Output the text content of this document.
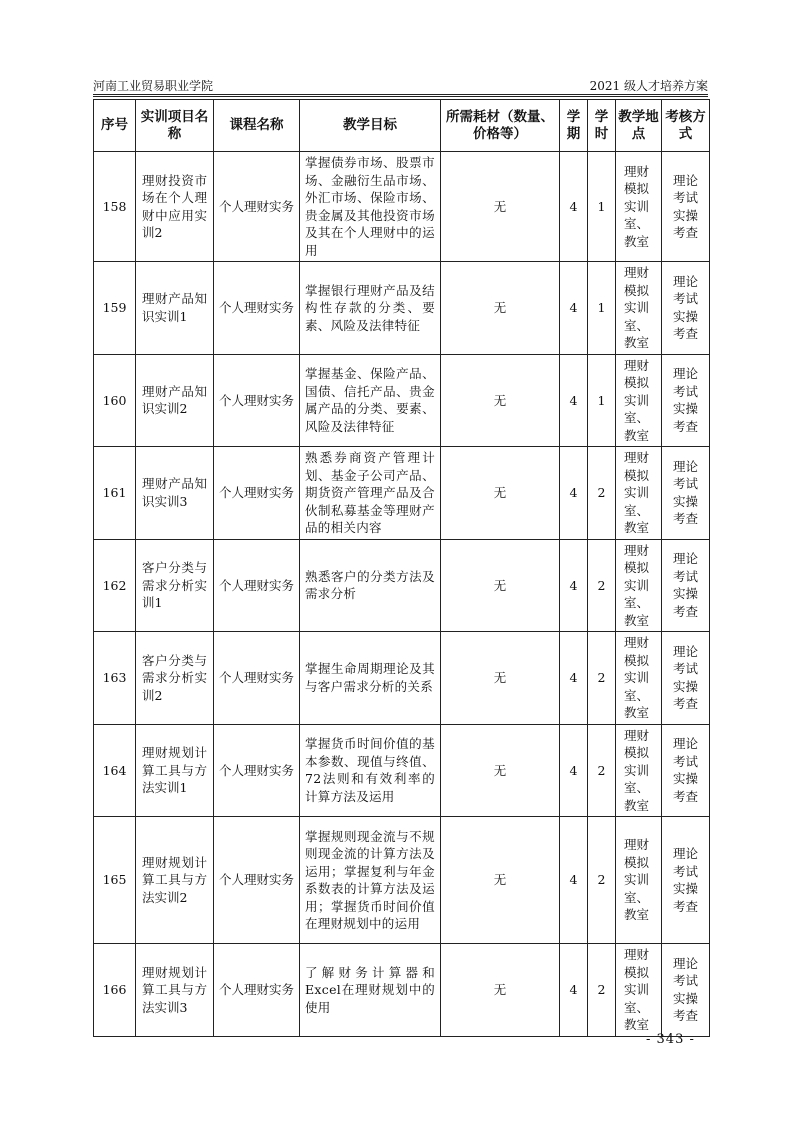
河南工业贸易职业学院	2021 级人才培养方案
序号	实训项目名称	课程名称	教学目标	所需耗材（数量、价格等）	学期	学时	教学地点	考核方式
158	理财投资市场在个人理财中应用实训2	个人理财实务	掌握债券市场、股票市场、金融衍生品市场、外汇市场、保险市场、贵金属及其他投资市场及其在个人理财中的运用	无	4	1	理财模拟实训室、教室	理论考试实操考查
159	理财产品知识实训1	个人理财实务	掌握银行理财产品及结构性存款的分类、要素、风险及法律特征	无	4	1	理财模拟实训室、教室	理论考试实操考查
160	理财产品知识实训2	个人理财实务	掌握基金、保险产品、国债、信托产品、贵金属产品的分类、要素、风险及法律特征	无	4	1	理财模拟实训室、教室	理论考试实操考查
161	理财产品知识实训3	个人理财实务	熟悉券商资产管理计划、基金子公司产品、期货资产管理产品及合伙制私募基金等理财产品的相关内容	无	4	2	理财模拟实训室、教室	理论考试实操考查
162	客户分类与需求分析实训1	个人理财实务	熟悉客户的分类方法及需求分析	无	4	2	理财模拟实训室、教室	理论考试实操考查
163	客户分类与需求分析实训2	个人理财实务	掌握生命周期理论及其与客户需求分析的关系	无	4	2	理财模拟实训室、教室	理论考试实操考查
164	理财规划计算工具与方法实训1	个人理财实务	掌握货币时间价值的基本参数、现值与终值、72法则和有效利率的计算方法及运用	无	4	2	理财模拟实训室、教室	理论考试实操考查
165	理财规划计算工具与方法实训2	个人理财实务	掌握规则现金流与不规则现金流的计算方法及运用；掌握复利与年金系数表的计算方法及运用；掌握货币时间价值在理财规划中的运用	无	4	2	理财模拟实训室、教室	理论考试实操考查
166	理财规划计算工具与方法实训3	个人理财实务	了解财务计算器和Excel在理财规划中的使用	无	4	2	理财模拟实训室、教室	理论考试实操考查
- 343 -
